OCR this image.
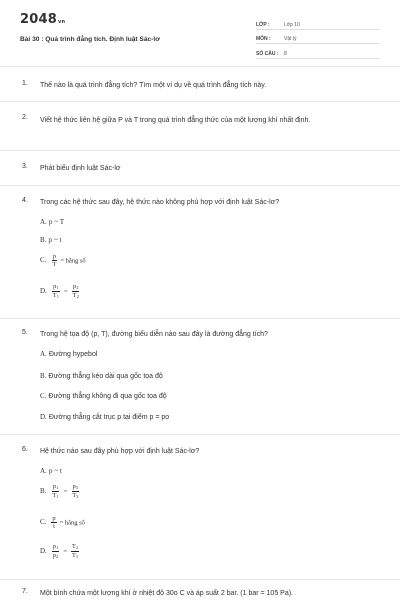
2048vn
Bài 30 : Quá trình đẳng tích. Định luật Sác-lơ
LỚP :	Lớp 10
MÔN :	Vật lý
SỐ CÂU :	8
1.	Thế nào là quá trình đẳng tích? Tìm một ví dụ về quá trình đẳng tích này.
2.	Viết hệ thức liên hệ giữa P và T trong quá trình đẳng thức của một lượng khí nhất định.
3.	Phát biểu định luật Sác-lơ
4.	Trong các hệ thức sau đây, hệ thức nào không phù hợp với định luật Sác-lơ?
A. p ~ T
B. p ~ t
C. $\frac{p}{T}$ = hằng số
D. $\frac{p_1}{T_1} = \frac{p_2}{T_2}$
5.	Trong hệ tọa độ (p, T), đường biểu diễn nào sau đây là đường đẳng tích?
A. Đường hypebol
B. Đường thẳng kéo dài qua gốc tọa độ
C. Đường thẳng không đi qua gốc tọa độ
D. Đường thẳng cắt trục p tại điểm p = po
6.	Hệ thức nào sau đây phù hợp với định luật Sác-lơ?
A. p ~ t
B. $\frac{p_1}{T_1} = \frac{p_3}{T_3}$
C. $\frac{p}{t}$ = hằng số
D. $\frac{p_1}{p_2} = \frac{T_2}{T_1}$
7.	Một bình chứa một lượng khí ở nhiệt độ 30o C và áp suất 2 bar. (1 bar = 105 Pa).
